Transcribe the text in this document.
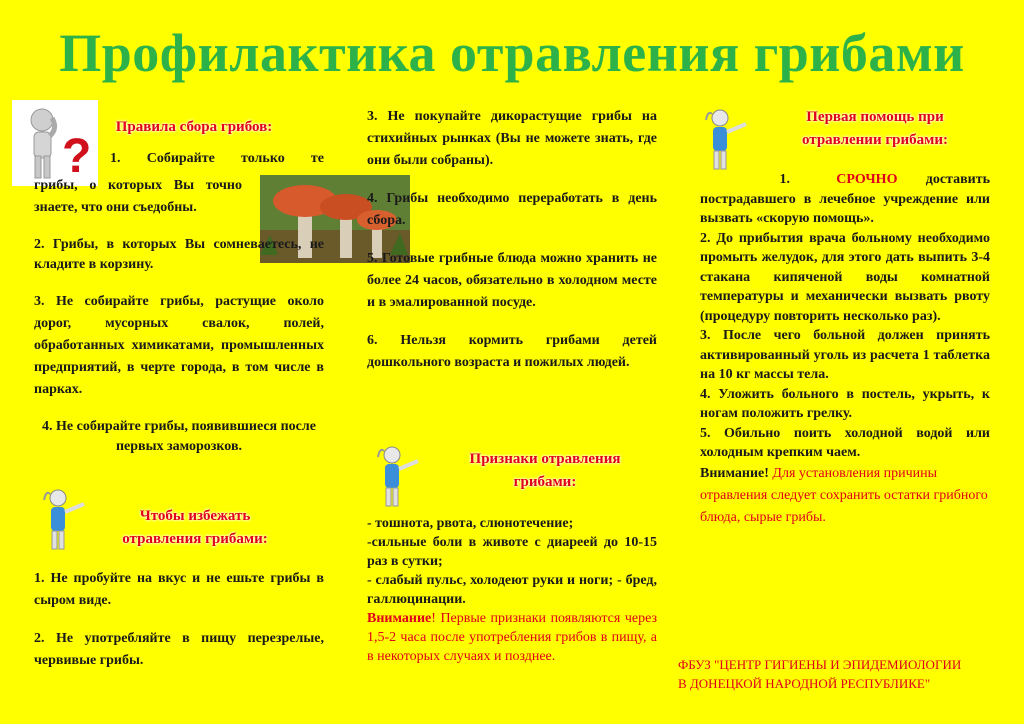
Профилактика отравления грибами
?
Правила сбора грибов:
1. Собирайте только те
грибы, о которых Вы точно знаете, что они съедобны.
2. Грибы, в которых Вы сомневаетесь, не кладите в корзину.
3. Не собирайте грибы, растущие около дорог, мусорных свалок, полей, обработанных химикатами, промышленных предприятий, в черте города, в том числе в парках.
4. Не собирайте грибы, появившиеся после первых заморозков.
Чтобы избежать
отравления грибами:
1. Не пробуйте на вкус и не ешьте грибы в сыром виде.
2. Не употребляйте в пищу перезрелые, червивые грибы.
3. Не покупайте дикорастущие грибы на стихийных рынках (Вы не можете знать, где они были собраны).
4. Грибы необходимо переработать в день сбора.
5. Готовые грибные блюда можно хранить не более 24 часов, обязательно в холодном месте и в эмалированной посуде.
6. Нельзя кормить грибами детей дошкольного возраста и пожилых людей.
Признаки отравления
грибами:
- тошнота, рвота, слюнотечение;
-сильные боли в животе с диареей до 10-15 раз в сутки;
- слабый пульс, холодеют руки и ноги; - бред, галлюцинации.
Внимание! Первые признаки появляются через 1,5-2 часа после употребления грибов в пищу, а в некоторых случаях и позднее.
Первая помощь при
отравлении грибами:
1.	СРОЧНО доставить пострадавшего в лечебное учреждение или вызвать «скорую помощь».
2. До прибытия врача больному необходимо промыть желудок, для этого дать выпить 3-4 стакана кипяченой воды комнатной температуры и механически вызвать рвоту (процедуру повторить несколько раз).
3. После чего больной должен принять активированный уголь из расчета 1 таблетка на 10 кг массы тела.
4. Уложить больного в постель, укрыть, к ногам положить грелку.
5. Обильно поить холодной водой или холодным крепким чаем.
Внимание! Для установления причины отравления следует сохранить остатки грибного блюда, сырые грибы.
ФБУЗ "ЦЕНТР ГИГИЕНЫ И ЭПИДЕМИОЛОГИИ
В ДОНЕЦКОЙ НАРОДНОЙ РЕСПУБЛИКЕ"
